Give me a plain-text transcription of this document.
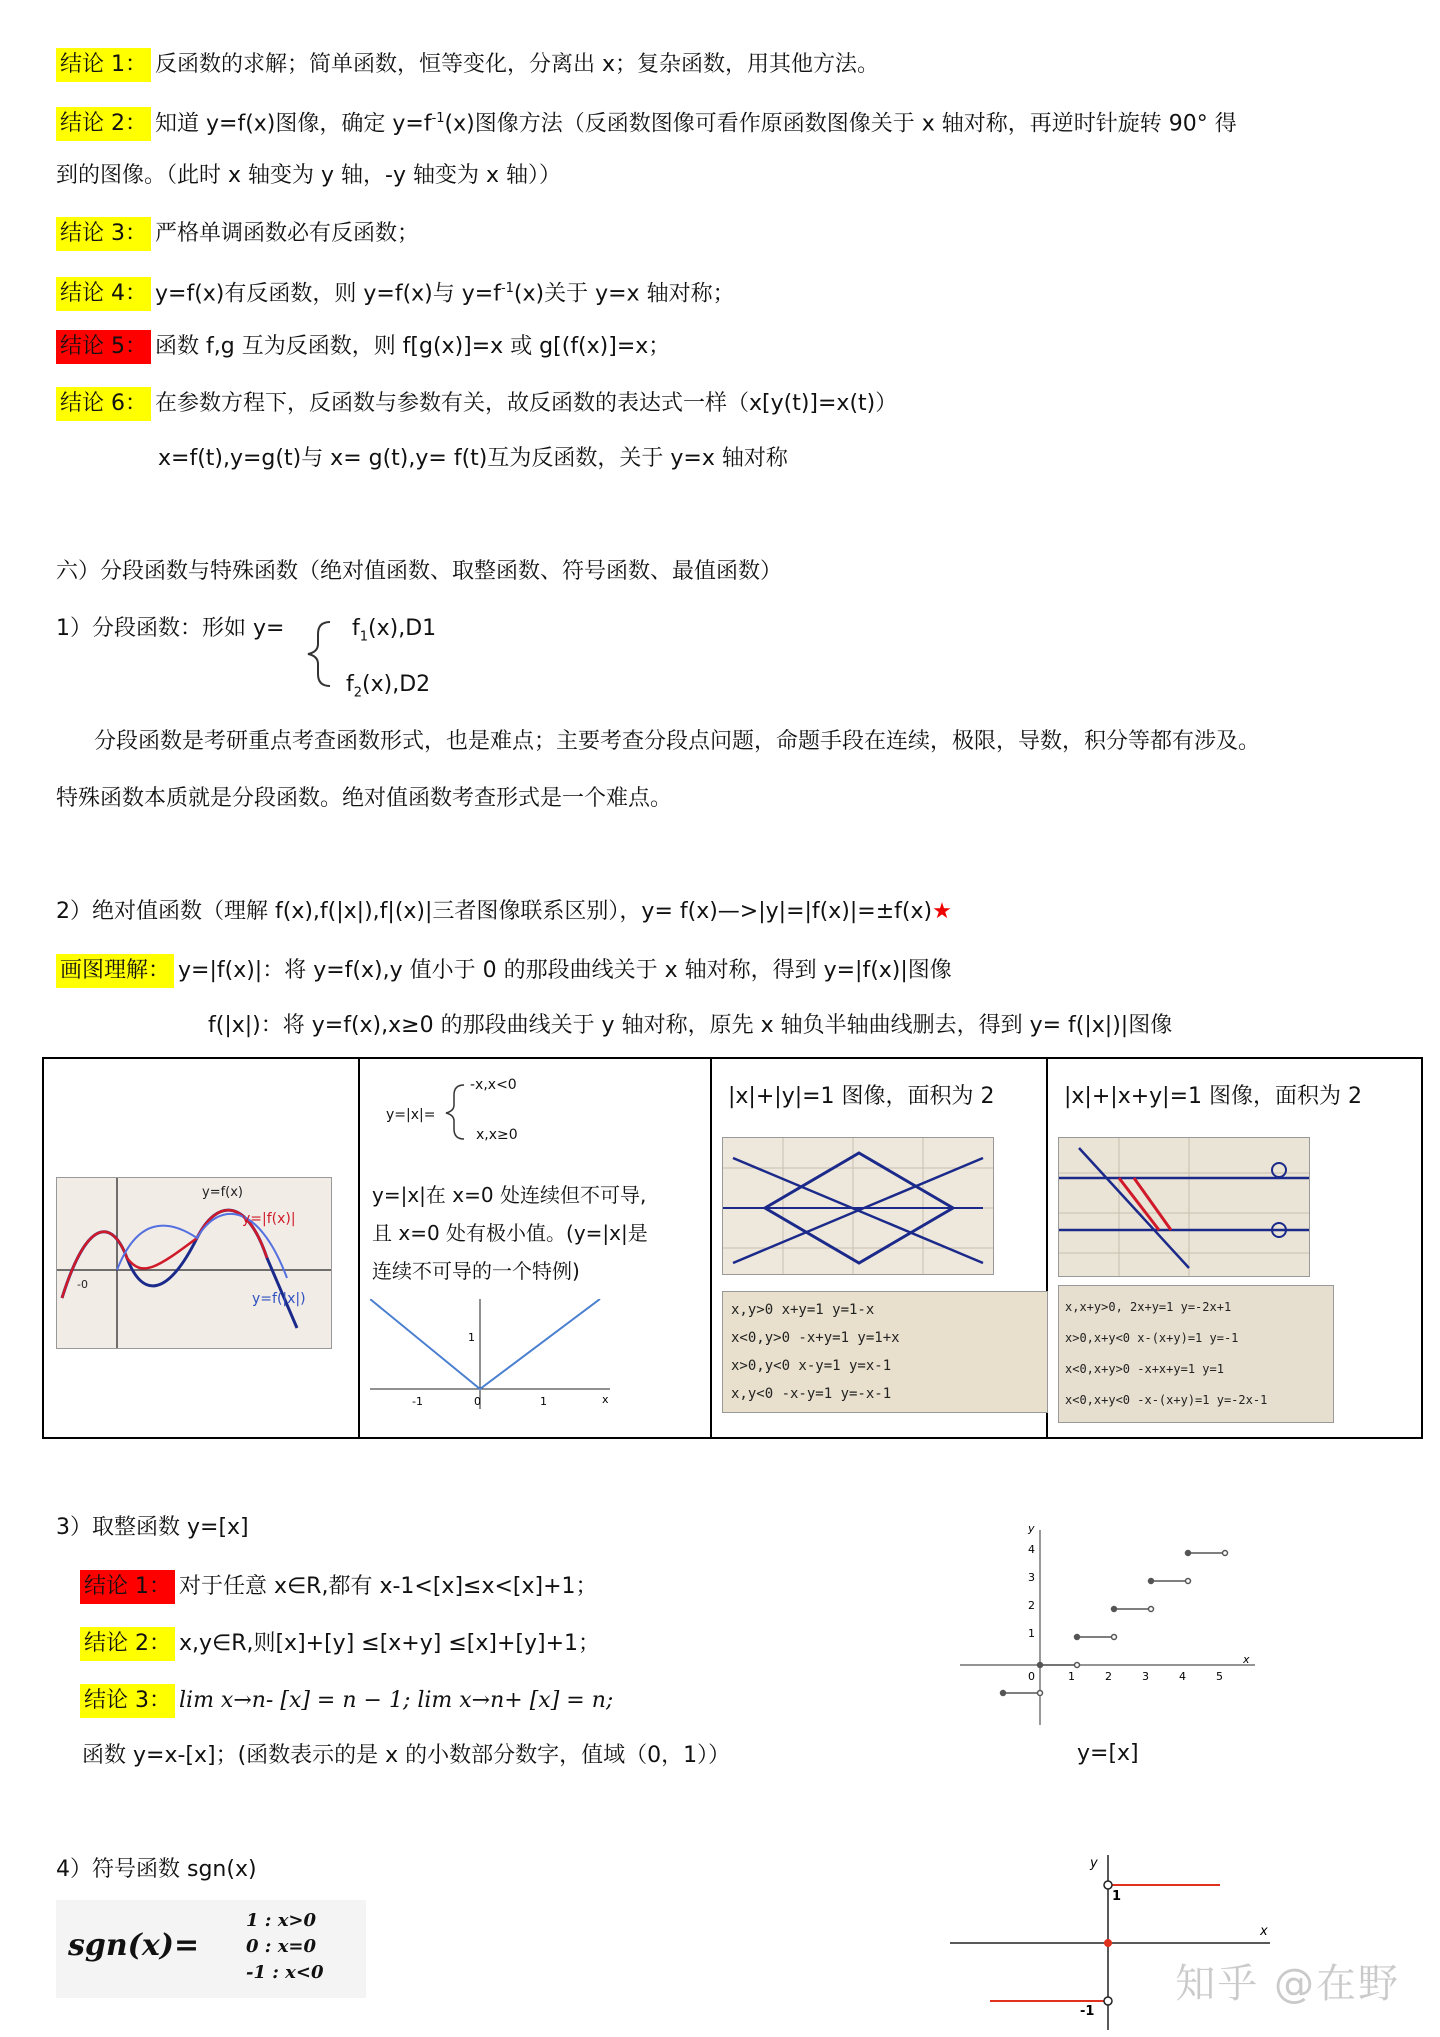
结论 1： 反函数的求解；简单函数，恒等变化，分离出 x；复杂函数，用其他方法。
结论 2： 知道 y=f(x)图像，确定 $y=f^{-1}(x)$图像方法（反函数图像可看作原函数图像关于 x 轴对称，再逆时针旋转 90° 得
到的图像。（此时 x 轴变为 y 轴，-y 轴变为 x 轴））
结论 3： 严格单调函数必有反函数；
结论 4： y=f(x)有反函数，则 y=f(x)与 $y=f^{-1}(x)$关于 y=x 轴对称；
结论 5： 函数 f,g 互为反函数，则 f[g(x)]=x 或 g[(f(x)]=x；
结论 6： 在参数方程下，反函数与参数有关，故反函数的表达式一样（x[y(t)]=x(t)）
x=f(t),y=g(t)与 x= g(t),y= f(t)互为反函数，关于 y=x 轴对称
六）分段函数与特殊函数（绝对值函数、取整函数、符号函数、最值函数）
1）分段函数：形如 y=	$f_1(x),D1$
$f_2(x),D2$
分段函数是考研重点考查函数形式，也是难点；主要考查分段点问题，命题手段在连续，极限，导数，积分等都有涉及。
特殊函数本质就是分段函数。绝对值函数考查形式是一个难点。
2）绝对值函数（理解 f(x),f(|x|),f|(x)|三者图像联系区别），y= f(x)—>|y|=|f(x)|=±f(x)★
画图理解： y=|f(x)|：将 y=f(x),y 值小于 0 的那段曲线关于 x 轴对称，得到 y=|f(x)|图像
f(|x|)：将 y=f(x),x≥0 的那段曲线关于 y 轴对称，原先 x 轴负半轴曲线删去，得到 y= f(|x|)|图像
y=f(x)
y=|f(x)|
y=f(|x|)
-0

y=|x|=
-x,x<0
x,x≥0
y=|x|在 x=0 处连续但不可导,
且 x=0 处有极小值。(y=|x|是
连续不可导的一个特例)
-1	0	1	x
1

|x|+|y|=1 图像，面积为 2
x,y>0 x+y=1 y=1-x
x<0,y>0 -x+y=1 y=1+x
x>0,y<0 x-y=1 y=x-1
x,y<0 -x-y=1 y=-x-1

|x|+|x+y|=1 图像，面积为 2
x,x+y>0, 2x+y=1 y=-2x+1
x>0,x+y<0 x-(x+y)=1 y=-1
x<0,x+y>0 -x+x+y=1 y=1
x<0,x+y<0 -x-(x+y)=1 y=-2x-1
3）取整函数 y=[x]
结论 1： 对于任意 x∈R,都有 x-1<[x]≤x<[x]+1；
结论 2： x,y∈R,则[x]+[y] ≤[x+y] ≤[x]+[y]+1；
结论 3： lim x→n- [x] = n − 1; lim x→n+ [x] = n;
函数 y=x-[x]；(函数表示的是 x 的小数部分数字，值域（0，1））
0	1	2	3	4	5
x
y
4
3
2
1
y=[x]
4）符号函数 sgn(x)
sgn(x)=
1 : x>0
0 : x=0
-1 : x<0
y
1
-1
x
知乎 @在野
